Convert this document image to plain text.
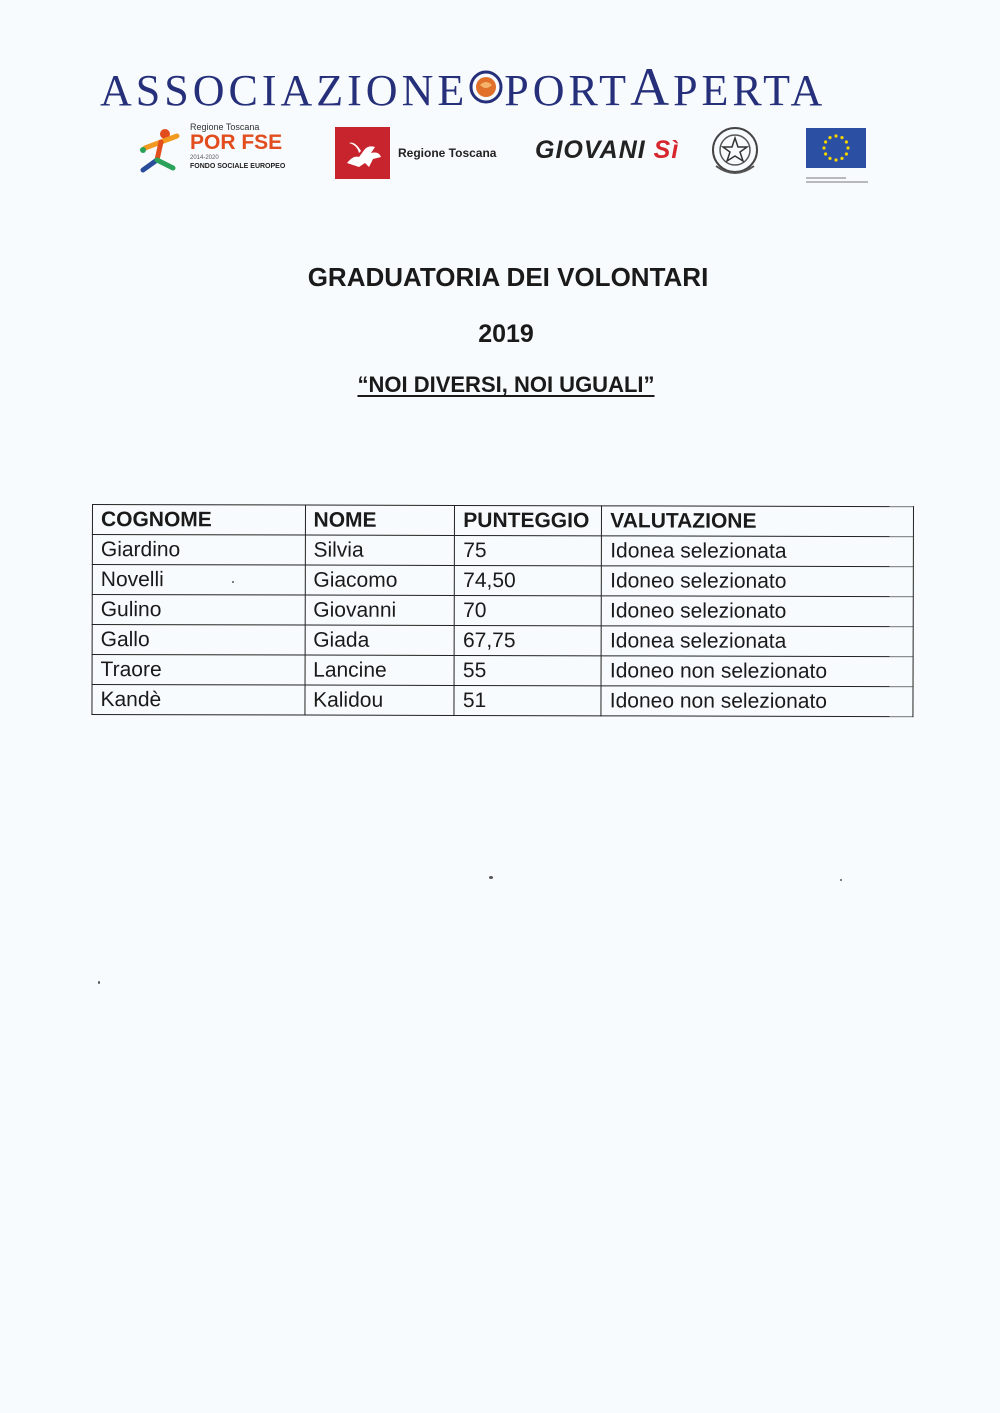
ASSOCIAZIONE PORTAPERTA
Regione Toscana
POR FSE
2014-2020
FONDO SOCIALE EUROPEO
Regione Toscana GIOVANI Sì
GRADUATORIA DEI VOLONTARI
2019
“NOI DIVERSI, NOI UGUALI”
COGNOME	NOME	PUNTEGGIO	VALUTAZIONE
Giardino	Silvia	75	Idonea selezionata
Novelli	Giacomo	74,50	Idoneo selezionato
Gulino	Giovanni	70	Idoneo selezionato
Gallo	Giada	67,75	Idonea selezionata
Traore	Lancine	55	Idoneo non selezionato
Kandè	Kalidou	51	Idoneo non selezionato
